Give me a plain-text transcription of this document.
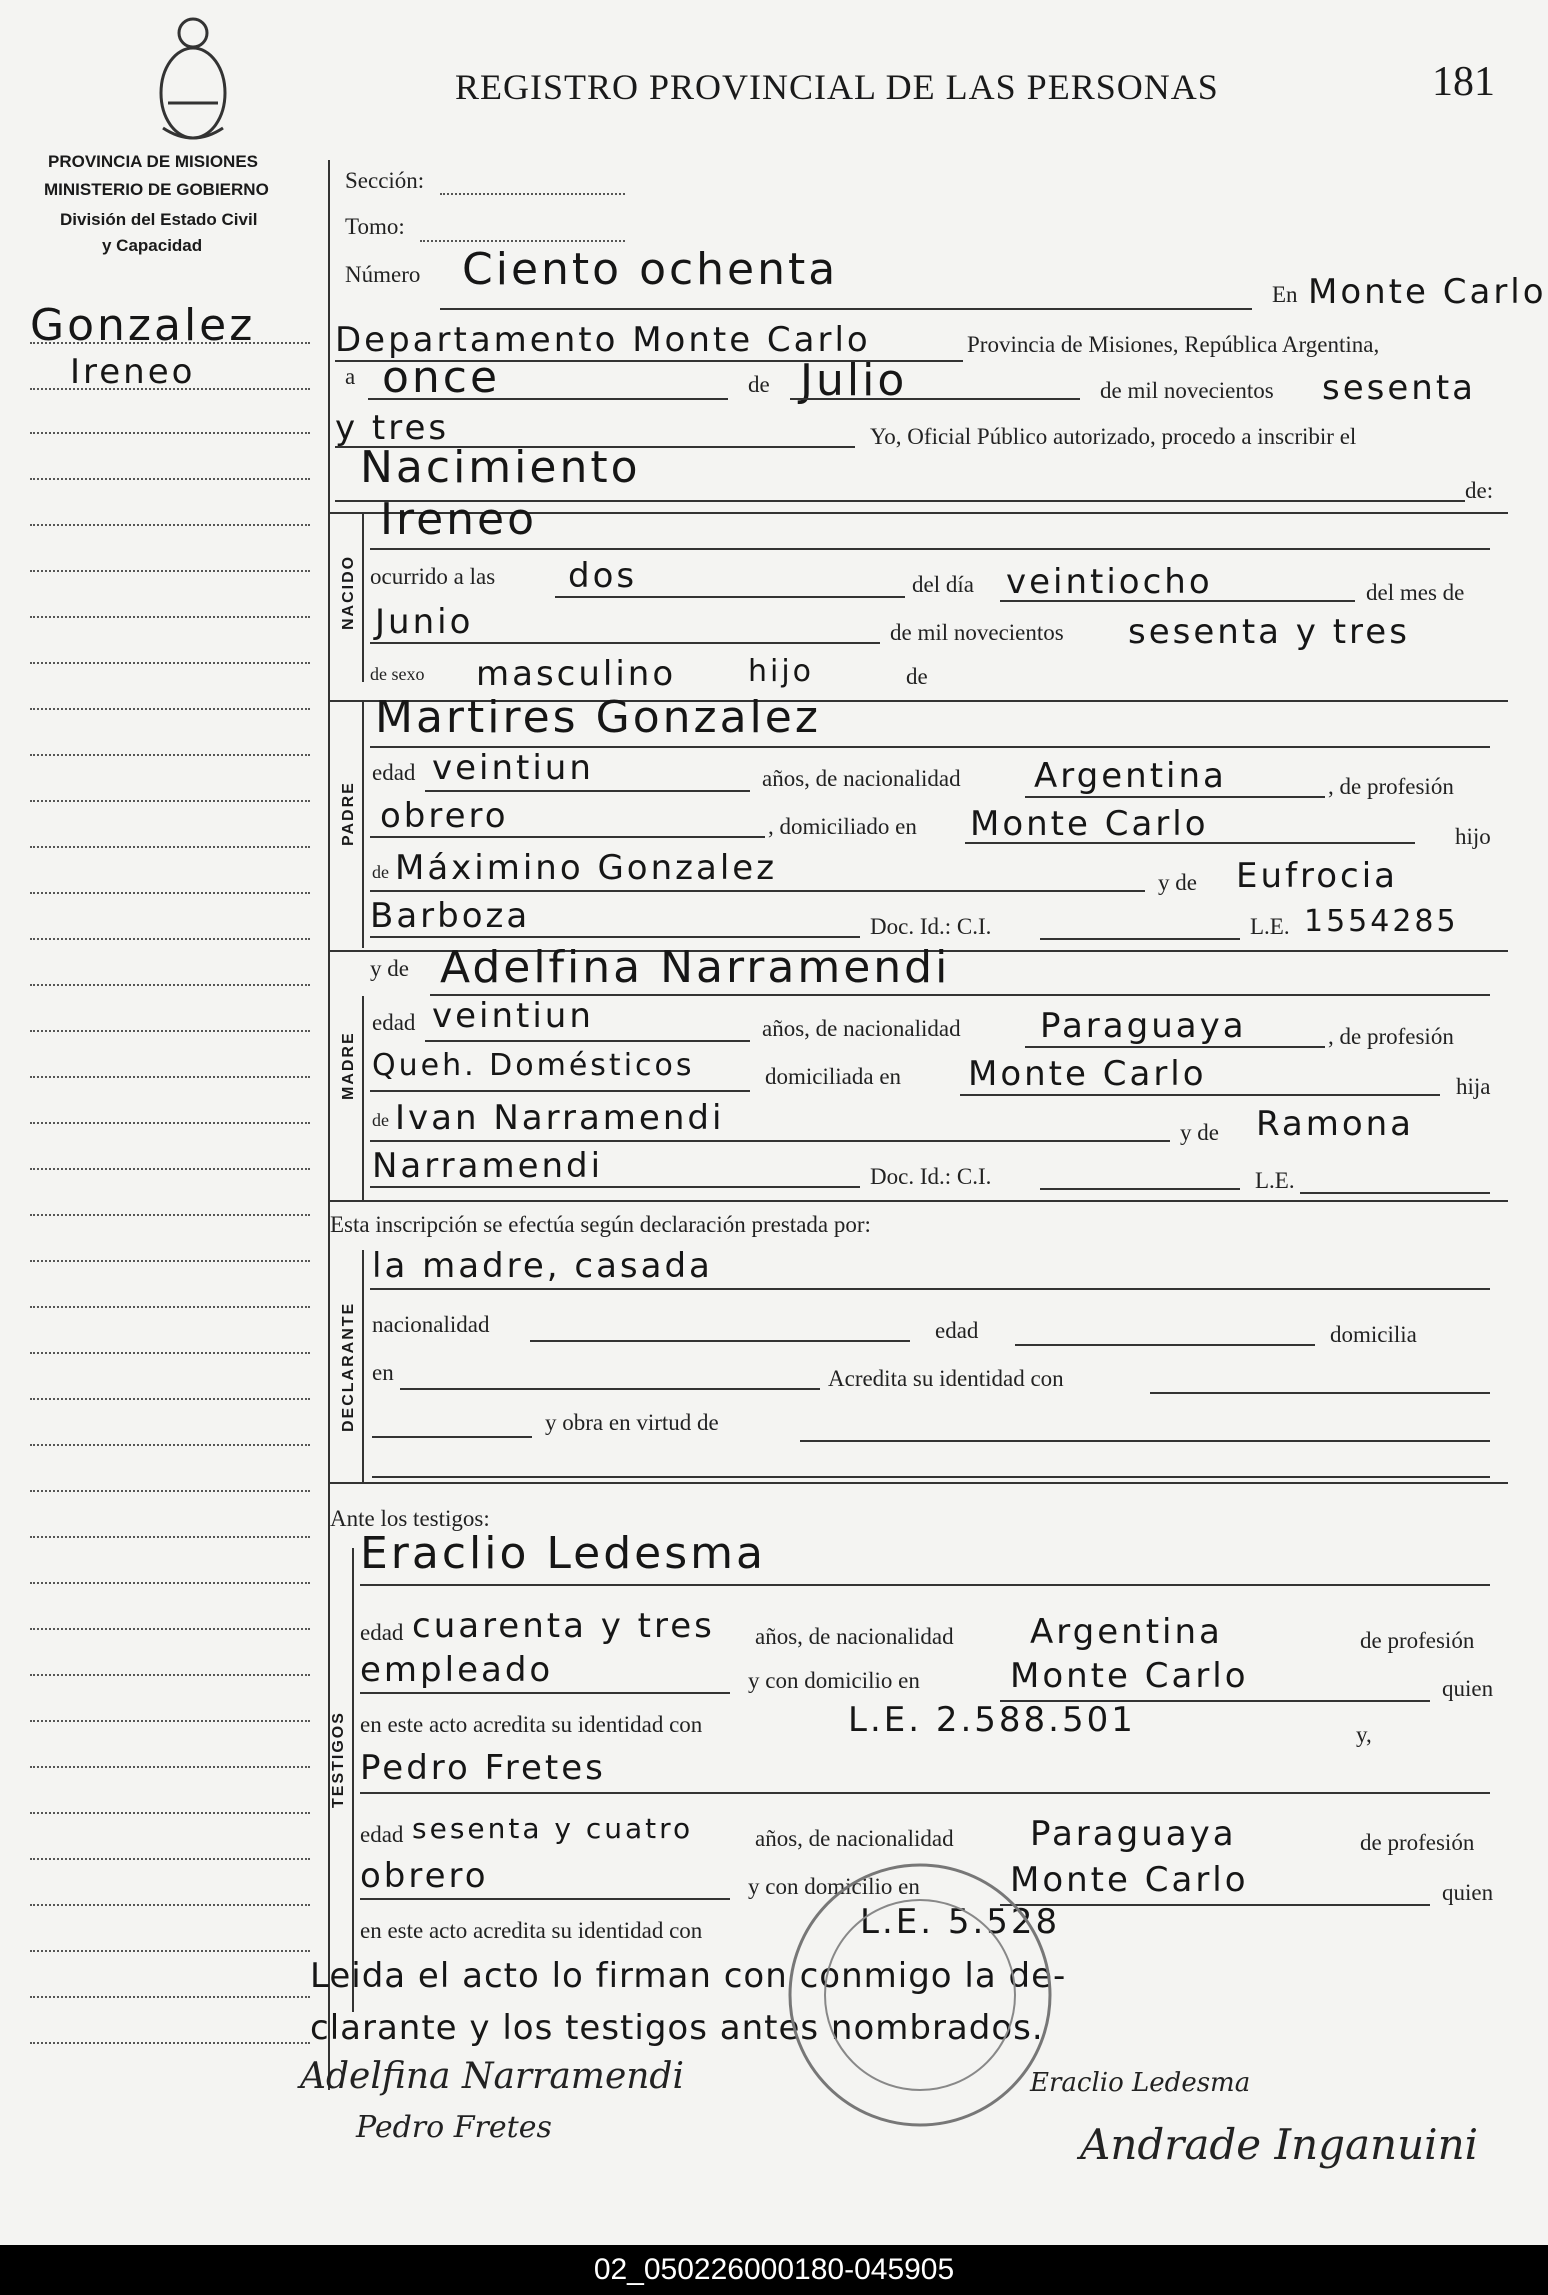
REGISTRO PROVINCIAL DE LAS PERSONAS	181
PROVINCIA DE MISIONES
MINISTERIO DE GOBIERNO
División del Estado Civil
y Capacidad
Gonzalez
Ireneo
Sección:
Tomo:
Número Ciento ochenta	En Monte Carlo
Departamento Monte Carlo	Provincia de Misiones, República Argentina,
a once	de Julio	de mil novecientos sesenta
y tres	Yo, Oficial Público autorizado, procedo a inscribir el
Nacimiento	de:
NACIDO
Ireneo
ocurrido a las dos	del día veintiocho	del mes de
Junio	de mil novecientos sesenta y tres
de sexo masculino hijo	de
PADRE
Martires Gonzalez
edad veintiun	años, de nacionalidad Argentina	, de profesión
obrero	, domiciliado en Monte Carlo	hijo
de Máximino Gonzalez	y de Eufrocia
Barboza	Doc. Id.: C.I.	L.E. 1554285
y de Adelfina Narramendi
MADRE
edad veintiun	años, de nacionalidad Paraguaya	, de profesión
Queh. Domésticos	domiciliada en Monte Carlo	hija
de Ivan Narramendi	y de Ramona
Narramendi	Doc. Id.: C.I.	L.E.
Esta inscripción se efectúa según declaración prestada por:
DECLARANTE
la madre, casada
nacionalidad	edad	domicilia
en	Acredita su identidad con
y obra en virtud de
Ante los testigos:
TESTIGOS
Eraclio Ledesma
edad cuarenta y tres años, de nacionalidad Argentina	de profesión
empleado	y con domicilio en	Monte Carlo	quien
en este acto acredita su identidad con	L.E. 2.588.501	y,
Pedro Fretes
edad sesenta y cuatro	años, de nacionalidad Paraguaya	de profesión
obrero	y con domicilio en	Monte Carlo	quien
en este acto acredita su identidad con	L.E. 5.528
Leida el acto lo firman con conmigo la de-
clarante y los testigos antes nombrados.
Adelfina Narramendi	Eraclio Ledesma
Pedro Fretes	Andrade Inganuini
02_050226000180-045905
